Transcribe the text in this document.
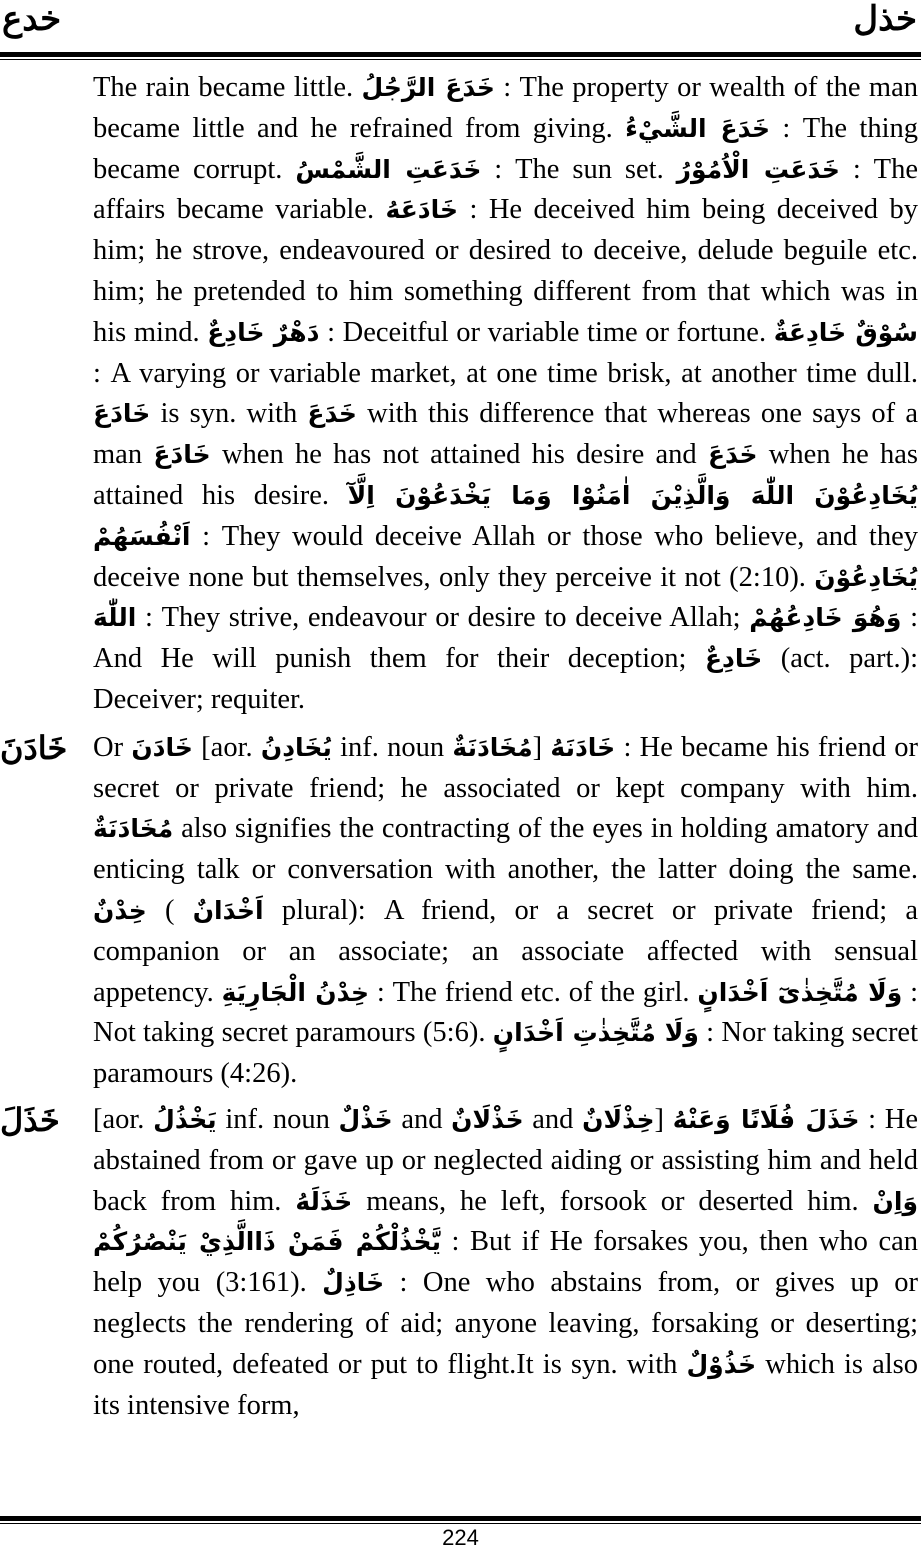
خدع	خذل
The rain became little. خَدَعَ الرَّجُلُ : The property or wealth of the man became little and he refrained from giving. خَدَعَ الشَّيْءُ : The thing became corrupt. خَدَعَتِ الشَّمْسُ : The sun set. خَدَعَتِ الْاُمُوْرُ : The affairs became variable. خَادَعَهُ : He deceived him being deceived by him; he strove, endeavoured or desired to deceive, delude beguile etc. him; he pretended to him something different from that which was in his mind. دَهْرٌ خَادِعٌ : Deceitful or variable time or fortune. سُوْقٌ خَادِعَةٌ : A varying or variable market, at one time brisk, at another time dull. خَادَعَ is syn. with خَدَعَ with this difference that whereas one says of a man خَادَعَ when he has not attained his desire and خَدَعَ when he has attained his desire. يُخَادِعُوْنَ اللّٰهَ وَالَّذِيْنَ اٰمَنُوْا وَمَا يَخْدَعُوْنَ اِلَّآ اَنْفُسَهُمْ : They would deceive Allah or those who believe, and they deceive none but themselves, only they perceive it not (2:10). يُخَادِعُوْنَ اللّٰهَ : They strive, endeavour or desire to deceive Allah; وَهُوَ خَادِعُهُمْ : And He will punish them for their deception; خَادِعٌ (act. part.): Deceiver; requiter.
خَادَنَ Or خَادَنَ [aor. يُخَادِنُ inf. noun مُخَادَنَةٌ] خَادَنَهُ : He became his friend or secret or private friend; he associated or kept company with him. مُخَادَنَةٌ also signifies the contracting of the eyes in holding amatory and enticing talk or conversation with another, the latter doing the same. خِدْنٌ ( اَخْدَانٌ plural): A friend, or a secret or private friend; a companion or an associate; an associate affected with sensual appetency. خِدْنُ الْجَارِيَةِ : The friend etc. of the girl. وَلَا مُتَّخِذٰىٓ اَخْدَانٍ : Not taking secret paramours (5:6). وَلَا مُتَّخِذٰتِ اَخْدَانٍ : Nor taking secret paramours (4:26).
خَذَلَ	[aor. يَخْذُلُ inf. noun خَذْلٌ and خَذْلَانٌ and خِذْلَانٌ] خَذَلَ فُلَانًا وَعَنْهُ : He abstained from or gave up or neglected aiding or assisting him and held back from him. خَذَلَهُ means, he left, forsook or deserted him. وَاِنْ يَّخْذُلْكُمْ فَمَنْ ذَاالَّذِيْ يَنْصُرُكُمْ : But if He forsakes you, then who can help you (3:161). خَاذِلٌ : One who abstains from, or gives up or neglects the rendering of aid; anyone leaving, forsaking or deserting; one routed, defeated or put to flight.It is syn. with خَذُوْلٌ which is also its intensive form,
224
